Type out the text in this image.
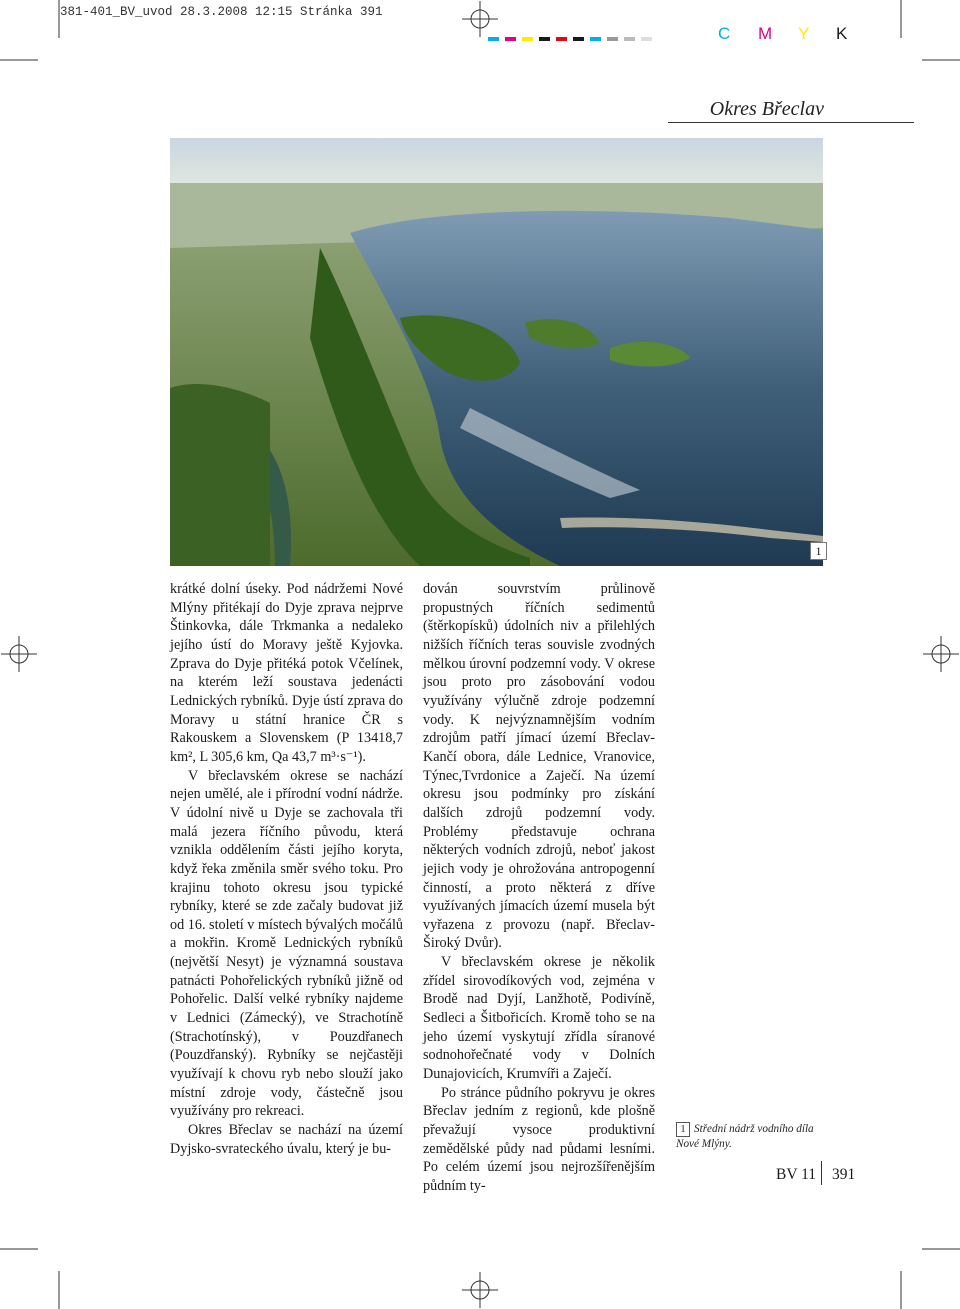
381-401_BV_uvod 28.3.2008 12:15 Stránka 391
C M Y K
Okres Břeclav
1

krátké dolní úseky. Pod nádržemi Nové Mlýny přitékají do Dyje zprava nejprve Štinkovka, dále Trkmanka a nedaleko jejího ústí do Moravy ještě Kyjovka. Zprava do Dyje přitéká potok Včelínek, na kterém leží soustava jedenácti Lednických rybníků. Dyje ústí zprava do Moravy u státní hranice ČR s Rakouskem a Slovenskem (P 13418,7 km², L 305,6 km, Qa 43,7 m³·s⁻¹).

V břeclavském okrese se nachází nejen umělé, ale i přírodní vodní nádrže. V údolní nivě u Dyje se zachovala tři malá jezera říčního původu, která vznikla oddělením části jejího koryta, když řeka změnila směr svého toku. Pro krajinu tohoto okresu jsou typické rybníky, které se zde začaly budovat již od 16. století v místech bývalých močálů a mokřin. Kromě Lednických rybníků (největší Nesyt) je významná soustava patnácti Pohořelických rybníků jižně od Pohořelic. Další velké rybníky najdeme v Lednici (Zámecký), ve Strachotíně (Strachotínský), v Pouzdřanech (Pouzdřanský). Rybníky se nejčastěji využívají k chovu ryb nebo slouží jako místní zdroje vody, částečně jsou využívány pro rekreaci.

Okres Břeclav se nachází na území Dyjsko-svrateckého úvalu, který je bu-

dován souvrstvím průlinově propustných říčních sedimentů (štěrkopísků) údolních niv a přilehlých nižších říčních teras souvisle zvodných mělkou úrovní podzemní vody. V okrese jsou proto pro zásobování vodou využívány výlučně zdroje podzemní vody. K nejvýznamnějším vodním zdrojům patří jímací území Břeclav-Kančí obora, dále Lednice, Vranovice, Týnec,Tvrdonice a Zaječí. Na území okresu jsou podmínky pro získání dalších zdrojů podzemní vody. Problémy představuje ochrana některých vodních zdrojů, neboť jakost jejich vody je ohrožována antropogenní činností, a proto některá z dříve využívaných jímacích území musela být vyřazena z provozu (např. Břeclav-Široký Dvůr).

V břeclavském okrese je několik zřídel sirovodíkových vod, zejména v Brodě nad Dyjí, Lanžhotě, Podivíně, Sedleci a Šitbořicích. Kromě toho se na jeho území vyskytují zřídla síranové sodnohořečnaté vody v Dolních Dunajovicích, Krumvíři a Zaječí.

Po stránce půdního pokryvu je okres Břeclav jedním z regionů, kde plošně převažují vysoce produktivní zemědělské půdy nad půdami lesními. Po celém území jsou nejrozšířenějším půdním ty-

1 Střední nádrž vodního díla Nové Mlýny.
BV 11 391
